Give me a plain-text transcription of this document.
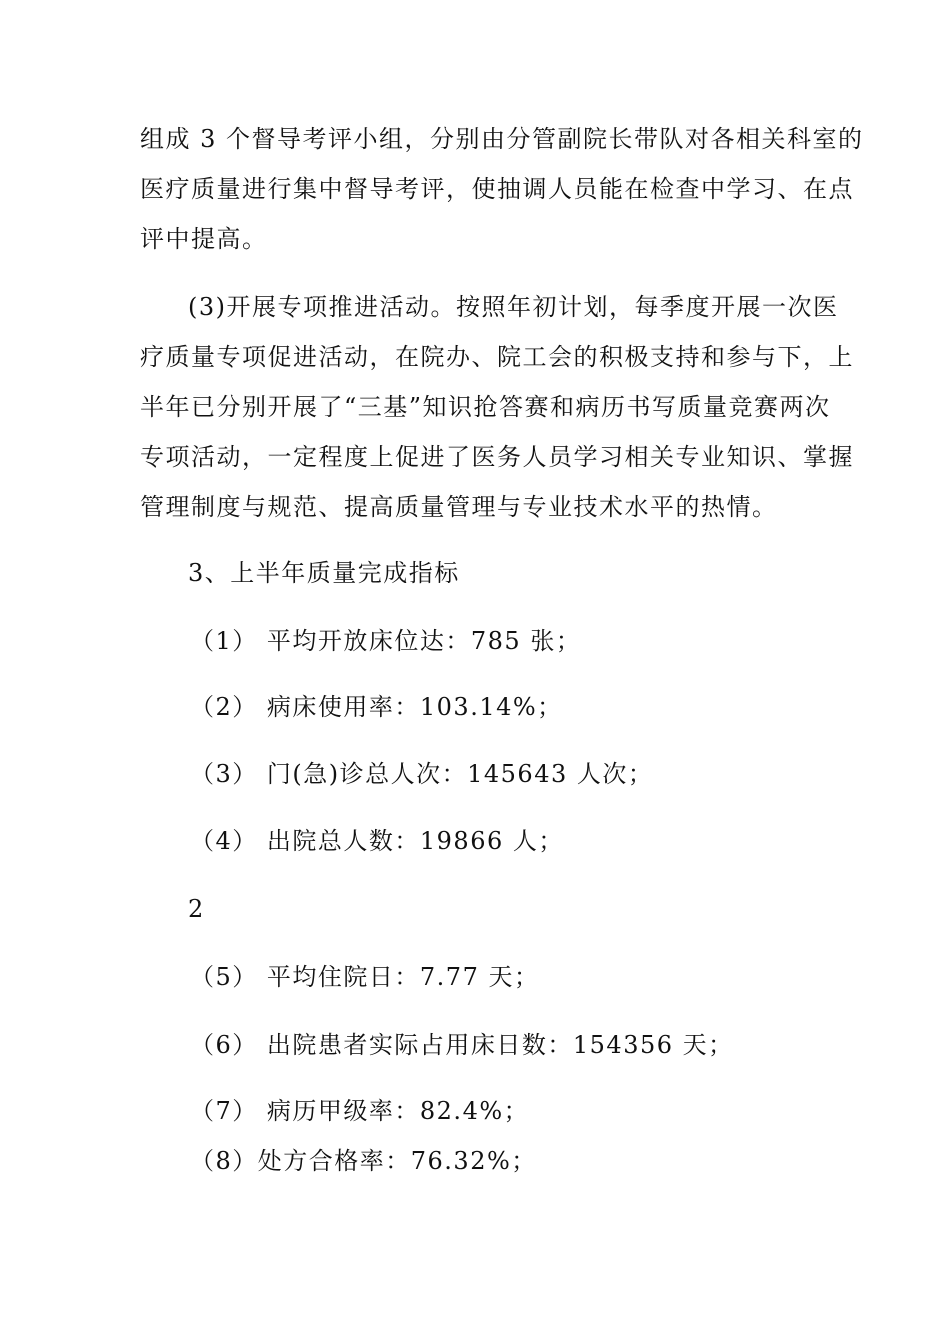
组成 3 个督导考评小组，分别由分管副院长带队对各相关科室的
医疗质量进行集中督导考评，使抽调人员能在检查中学习、在点
评中提高。
(3)开展专项推进活动。按照年初计划，每季度开展一次医
疗质量专项促进活动，在院办、院工会的积极支持和参与下，上
半年已分别开展了“三基”知识抢答赛和病历书写质量竞赛两次
专项活动，一定程度上促进了医务人员学习相关专业知识、掌握
管理制度与规范、提高质量管理与专业技术水平的热情。
3、上半年质量完成指标
（1） 平均开放床位达：785 张；
（2） 病床使用率：103.14%；
（3） 门(急)诊总人次：145643 人次；
（4） 出院总人数：19866 人；
2
（5） 平均住院日：7.77 天；
（6） 出院患者实际占用床日数：154356 天；
（7） 病历甲级率：82.4%；
（8）处方合格率：76.32%；
